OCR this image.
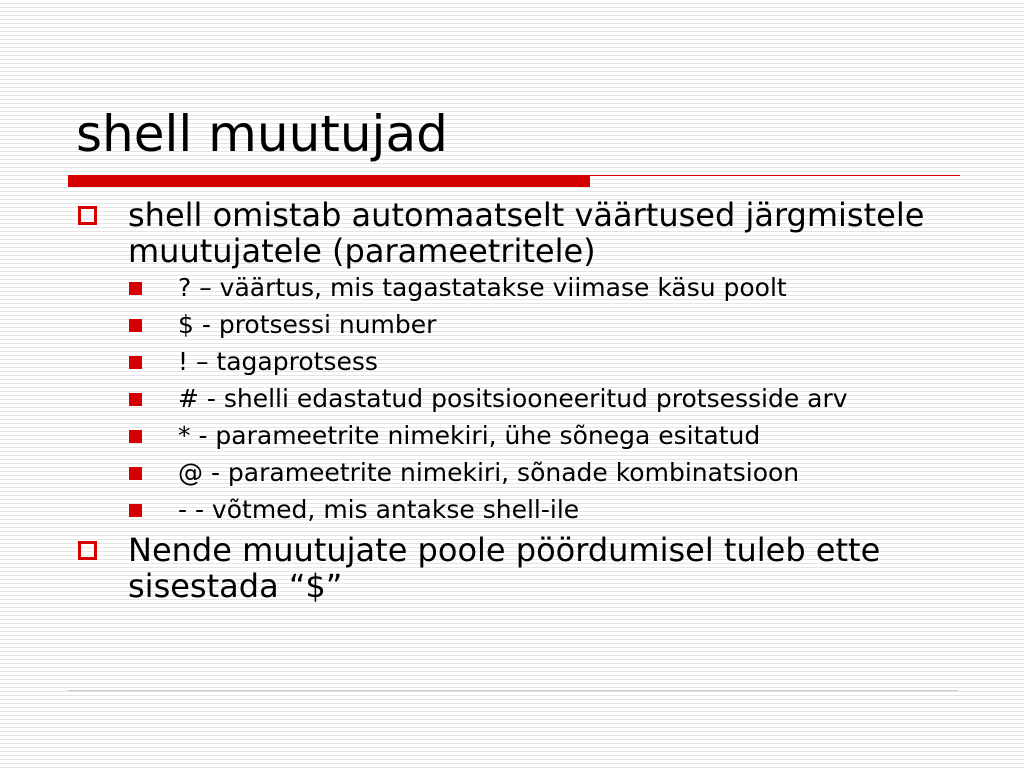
shell muutujad
shell omistab automaatselt väärtused järgmistele muutujatele (parameetritele)
? – väärtus, mis tagastatakse viimase käsu poolt
$ - protsessi number
! – tagaprotsess
# - shelli edastatud positsiooneeritud protsesside arv
* - parameetrite nimekiri, ühe sõnega esitatud
@ - parameetrite nimekiri, sõnade kombinatsioon
- - võtmed, mis antakse shell-ile
Nende muutujate poole pöördumisel tuleb ette sisestada “$”
